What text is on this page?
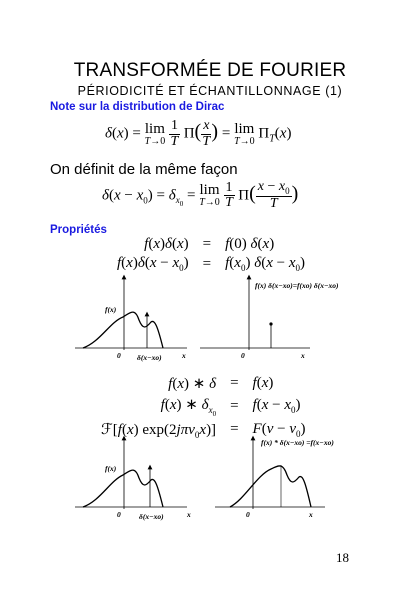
TRANSFORMÉE DE FOURIER
PÉRIODICITÉ ET ÉCHANTILLONNAGE (1)
Note sur la distribution de Dirac
δ(x) = lim
T→0
$\frac{1}{T} \Pi( \frac{x}{T}$ ) = lim
T→0 $\Pi_T(x)$
On définit de la même façon
$\delta(x - x_0) = \delta_{x_0} = \lim$
T→0
$\frac{1}{T} \Pi( \frac{x - x_0}{T}$ )
Propriétés
f(x)δ(x)	=	f(0) δ(x)
$f(x)\delta(x - x_0)$	=	$f(x_0) \delta(x - x_0)$
f(x)
0	x
δ(x−xo)
f(x) δ(x−xo)=f(xo) δ(x−xo)
0	x
f(x) ∗ δ	=	f(x)
f(x) ∗ $\delta_{x_0}$	=	$f(x - x_0)$
ℱ[f(x) exp(2jπν$_0$x)]	=	$F(\nu - \nu_0)$
f(x)
0	x
δ(x−xo)
f(x) * δ(x−xo) =f(x−xo)
0	x
18
